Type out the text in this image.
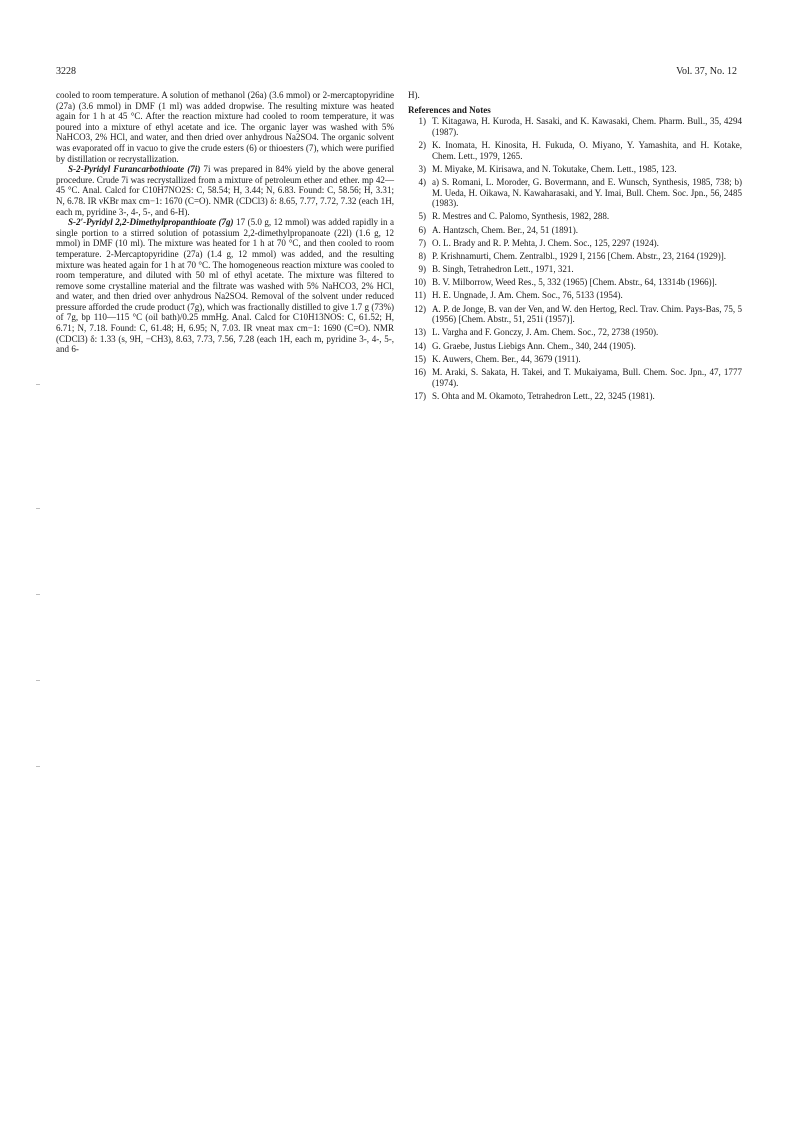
3228	Vol. 37, No. 12

cooled to room temperature. A solution of methanol (26a) (3.6 mmol) or 2-mercaptopyridine (27a) (3.6 mmol) in DMF (1 ml) was added dropwise. The resulting mixture was heated again for 1 h at 45 °C. After the reaction mixture had cooled to room temperature, it was poured into a mixture of ethyl acetate and ice. The organic layer was washed with 5% NaHCO3, 2% HCl, and water, and then dried over anhydrous Na2SO4. The organic solvent was evaporated off in vacuo to give the crude esters (6) or thioesters (7), which were purified by distillation or recrystallization.

S-2-Pyridyl Furancarbothioate (7i) 7i was prepared in 84% yield by the above general procedure. Crude 7i was recrystallized from a mixture of petroleum ether and ether. mp 42—45 °C. Anal. Calcd for C10H7NO2S: C, 58.54; H, 3.44; N, 6.83. Found: C, 58.56; H, 3.31; N, 6.78. IR νKBr max cm−1: 1670 (C=O). NMR (CDCl3) δ: 8.65, 7.77, 7.72, 7.32 (each 1H, each m, pyridine 3-, 4-, 5-, and 6-H).

S-2′-Pyridyl 2,2-Dimethylpropanthioate (7g) 17 (5.0 g, 12 mmol) was added rapidly in a single portion to a stirred solution of potassium 2,2-dimethylpropanoate (22l) (1.6 g, 12 mmol) in DMF (10 ml). The mixture was heated for 1 h at 70 °C, and then cooled to room temperature. 2-Mercaptopyridine (27a) (1.4 g, 12 mmol) was added, and the resulting mixture was heated again for 1 h at 70 °C. The homogeneous reaction mixture was cooled to room temperature, and diluted with 50 ml of ethyl acetate. The mixture was filtered to remove some crystalline material and the filtrate was washed with 5% NaHCO3, 2% HCl, and water, and then dried over anhydrous Na2SO4. Removal of the solvent under reduced pressure afforded the crude product (7g), which was fractionally distilled to give 1.7 g (73%) of 7g, bp 110—115 °C (oil bath)/0.25 mmHg. Anal. Calcd for C10H13NOS: C, 61.52; H, 6.71; N, 7.18. Found: C, 61.48; H, 6.95; N, 7.03. IR νneat max cm−1: 1690 (C=O). NMR (CDCl3) δ: 1.33 (s, 9H, −CH3), 8.63, 7.73, 7.56, 7.28 (each 1H, each m, pyridine 3-, 4-, 5-, and 6-

H).

References and Notes
1) T. Kitagawa, H. Kuroda, H. Sasaki, and K. Kawasaki, Chem. Pharm. Bull., 35, 4294 (1987).
2) K. Inomata, H. Kinosita, H. Fukuda, O. Miyano, Y. Yamashita, and H. Kotake, Chem. Lett., 1979, 1265.
3) M. Miyake, M. Kirisawa, and N. Tokutake, Chem. Lett., 1985, 123.
4) a) S. Romani, L. Moroder, G. Bovermann, and E. Wunsch, Synthesis, 1985, 738; b) M. Ueda, H. Oikawa, N. Kawaharasaki, and Y. Imai, Bull. Chem. Soc. Jpn., 56, 2485 (1983).
5) R. Mestres and C. Palomo, Synthesis, 1982, 288.
6) A. Hantzsch, Chem. Ber., 24, 51 (1891).
7) O. L. Brady and R. P. Mehta, J. Chem. Soc., 125, 2297 (1924).
8) P. Krishnamurti, Chem. Zentralbl., 1929 I, 2156 [Chem. Abstr., 23, 2164 (1929)].
9) B. Singh, Tetrahedron Lett., 1971, 321.
10) B. V. Milborrow, Weed Res., 5, 332 (1965) [Chem. Abstr., 64, 13314b (1966)].
11) H. E. Ungnade, J. Am. Chem. Soc., 76, 5133 (1954).
12) A. P. de Jonge, B. van der Ven, and W. den Hertog, Recl. Trav. Chim. Pays-Bas, 75, 5 (1956) [Chem. Abstr., 51, 251i (1957)].
13) L. Vargha and F. Gonczy, J. Am. Chem. Soc., 72, 2738 (1950).
14) G. Graebe, Justus Liebigs Ann. Chem., 340, 244 (1905).
15) K. Auwers, Chem. Ber., 44, 3679 (1911).
16) M. Araki, S. Sakata, H. Takei, and T. Mukaiyama, Bull. Chem. Soc. Jpn., 47, 1777 (1974).
17) S. Ohta and M. Okamoto, Tetrahedron Lett., 22, 3245 (1981).
